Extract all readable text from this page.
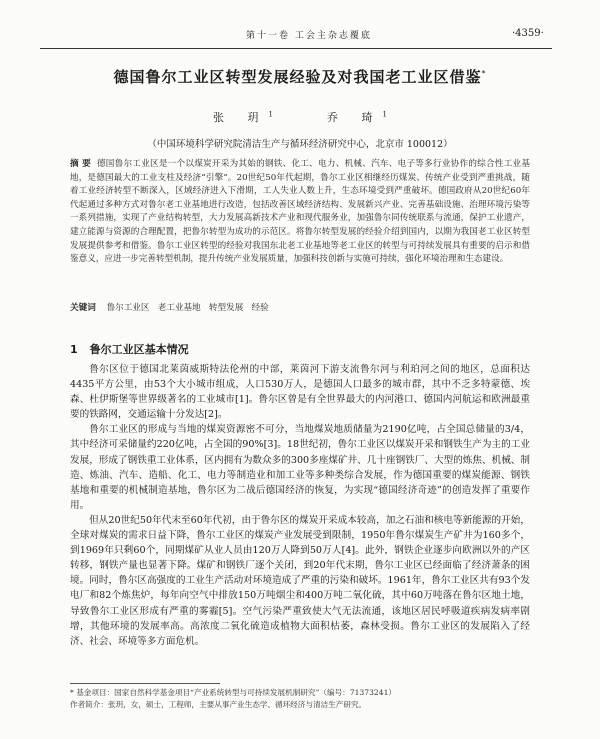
第十一卷 工会主杂志覆底	·4359·
德国鲁尔工业区转型发展经验及对我国老工业区借鉴*
张 玥$^1$	乔 琦$^1$
（中国环境科学研究院清洁生产与循环经济研究中心，北京市 100012）
摘 要 德国鲁尔工业区是一个以煤炭开采为其始的钢铁、化工、电力、机械、汽车、电子等多行业协作的综合性工业基地，是德国最大的工业支柱及经济“引擎”。20世纪50年代起期，鲁尔工业区相继经历煤炭、传统产业受到严重挑战，随着工业经济转型不断深入，区域经济进入下滑期，工人失业人数上升，生态环境受到严重破坏。德国政府从20世纪60年代起通过多种方式对鲁尔老工业基地进行改造，包括改善区域经济结构、发展新兴产业、完善基础设施、治理环境污染等一系列措施，实现了产业结构转型，大力发展高新技术产业和现代服务业，加强鲁尔同传统联系与流通，保护工业遗产，建立能源与资源的合理配置，把鲁尔转型为成功的示范区。将鲁尔转型发展的经验介绍到国内，以期为我国老工业区转型发展提供参考和借鉴。鲁尔工业区转型的经验对我国东北老工业基地等老工业区的转型与可持续发展具有重要的启示和借鉴意义，应进一步完善转型机制，提升传统产业发展质量，加强科技创新与实施可持续，强化环境治理和生态建设。
关键词 鲁尔工业区 老工业基地 转型发展 经验
1 鲁尔工业区基本情况

鲁尔区位于德国北莱茵威斯特法伦州的中部，莱茵河下游支流鲁尔河与利珀河之间的地区，总面积达4435平方公里，由53个大小城市组成，人口530万人，是德国人口最多的城市群，其中不乏多特蒙德、埃森、杜伊斯堡等世界级著名的工业城市[1]。鲁尔区曾是有全世界最大的内河港口、德国内河航运和欧洲最重要的铁路网，交通运输十分发达[2]。

鲁尔工业区的形成与当地的煤炭资源密不可分，当地煤炭地质储量为2190亿吨，占全国总储量的3/4，其中经济可采储量约220亿吨，占全国的90%[3]。18世纪初，鲁尔工业区以煤炭开采和钢铁生产为主的工业发展，形成了钢铁重工业体系，区内拥有为数众多的300多座煤矿井、几十座钢铁厂、大型的炼焦、机械、制造、炼油、汽车、造船、化工、电力等制造业和加工业等多种类综合发展，作为德国重要的煤炭能源、钢铁基地和重要的机械制造基地，鲁尔区为二战后德国经济的恢复，为实现“德国经济奇迹”的创造发挥了重要作用。

但从20世纪50年代末至60年代初，由于鲁尔区的煤炭开采成本较高，加之石油和核电等新能源的开始，全球对煤炭的需求日益下降，鲁尔工业区的煤炭产业发展受到限制，1950年鲁尔煤炭生产矿井为160多个，到1969年只剩60个，同期煤矿从业人员由120万人降到50万人[4]。此外，钢铁企业逐步向欧洲以外的产区转移，钢铁产量也显著下降。煤矿和钢铁厂逐个关闭，到20年代末期，鲁尔工业区已经面临了经济萧条的困境。同时，鲁尔区高强度的工业生产活动对环境造成了严重的污染和破坏。1961年，鲁尔工业区共有93个发电厂和82个炼焦炉，每年向空气中排放150万吨烟尘和400万吨二氧化硫，其中60万吨落在鲁尔区地土地，导致鲁尔工业区形成有严重的雾霾[5]。空气污染严重致使大气无法流通，该地区居民呼吸道疾病发病率剧增，其他环境的发展率高。高浓度二氧化硫造成植物大面积枯萎，森林受损。鲁尔工业区的发展陷入了经济、社会、环境等多方面危机。

* 基金项目：国家自然科学基金项目“产业系统转型与可持续发展机制研究”（编号：71373241）
作者简介：张玥，女，硕士，工程师，主要从事产业生态学、循环经济与清洁生产研究。
